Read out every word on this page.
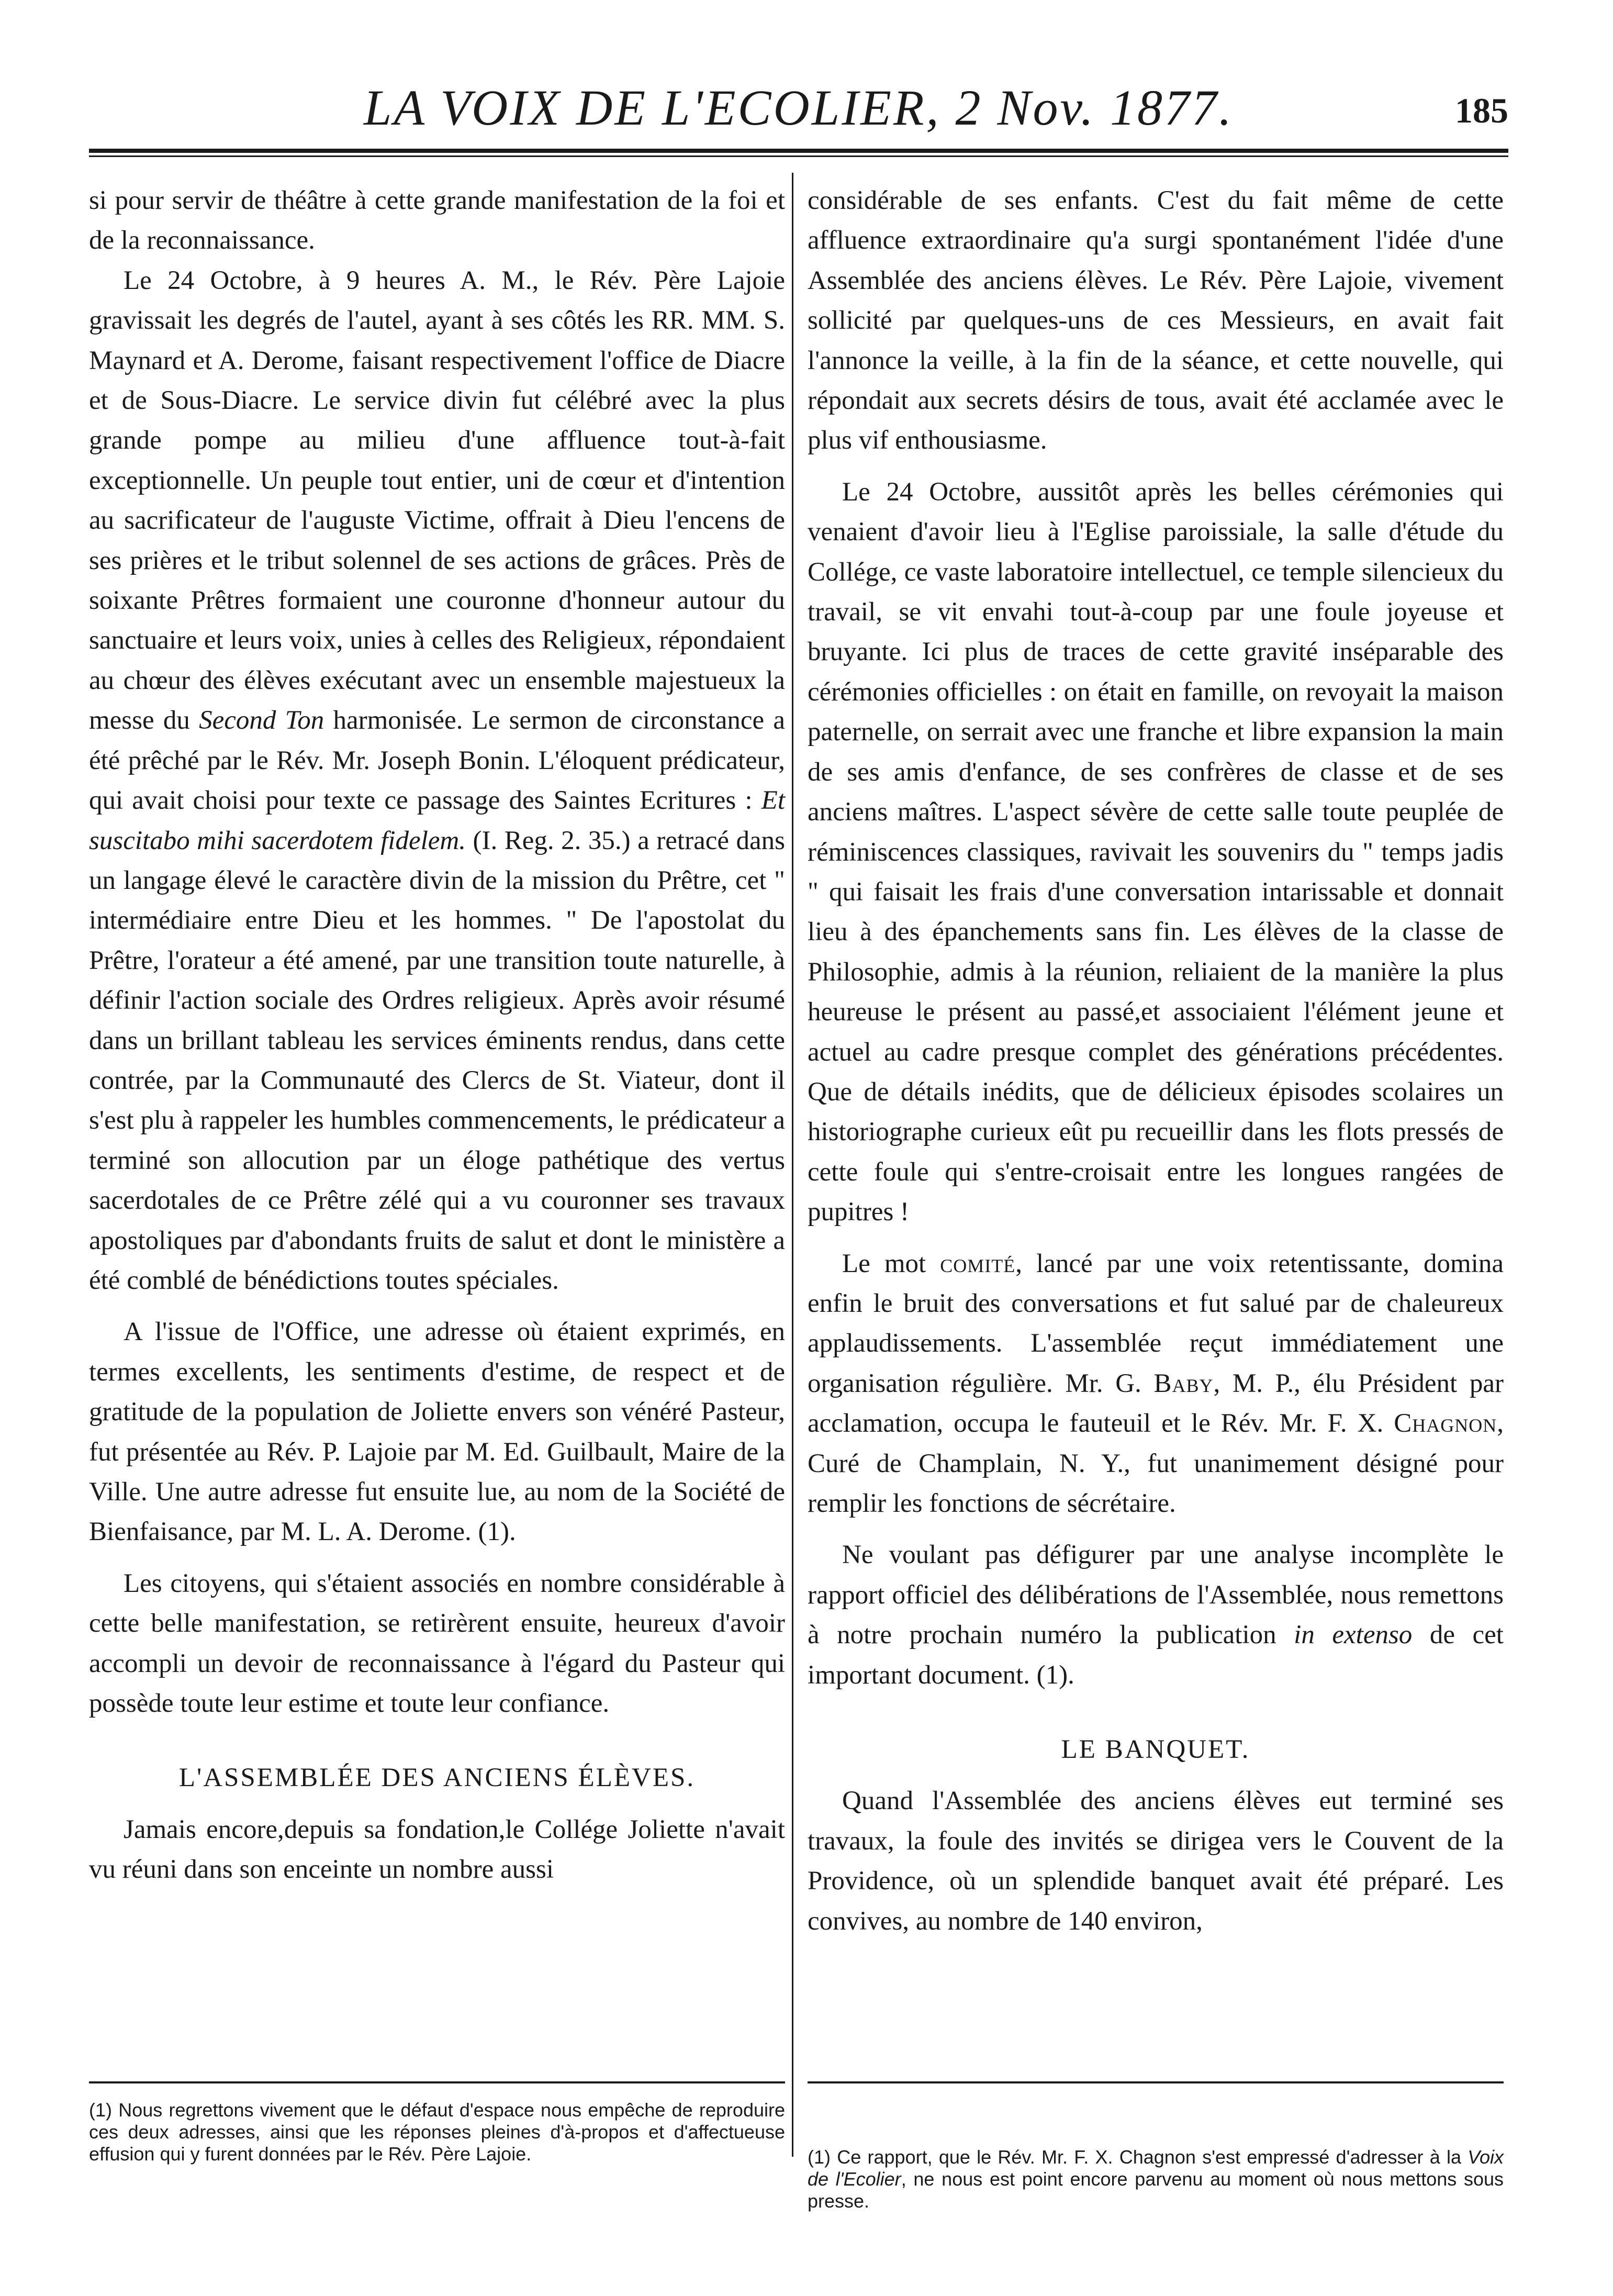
LA VOIX DE L'ECOLIER, 2 Nov. 1877.	185

si pour servir de théâtre à cette grande manifestation de la foi et de la reconnaissance.

Le 24 Octobre, à 9 heures A. M., le Rév. Père Lajoie gravissait les degrés de l'autel, ayant à ses côtés les RR. MM. S. Maynard et A. Derome, faisant respectivement l'office de Diacre et de Sous-Diacre. Le service divin fut célébré avec la plus grande pompe au milieu d'une affluence tout-à-fait exceptionnelle. Un peuple tout entier, uni de cœur et d'intention au sacrificateur de l'auguste Victime, offrait à Dieu l'encens de ses prières et le tribut solennel de ses actions de grâces. Près de soixante Prêtres formaient une couronne d'honneur autour du sanctuaire et leurs voix, unies à celles des Religieux, répondaient au chœur des élèves exécutant avec un ensemble majestueux la messe du Second Ton harmonisée. Le sermon de circonstance a été prêché par le Rév. Mr. Joseph Bonin. L'éloquent prédicateur, qui avait choisi pour texte ce passage des Saintes Ecritures : Et suscitabo mihi sacerdotem fidelem. (I. Reg. 2. 35.) a retracé dans un langage élevé le caractère divin de la mission du Prêtre, cet " intermédiaire entre Dieu et les hommes. " De l'apostolat du Prêtre, l'orateur a été amené, par une transition toute naturelle, à définir l'action sociale des Ordres religieux. Après avoir résumé dans un brillant tableau les services éminents rendus, dans cette contrée, par la Communauté des Clercs de St. Viateur, dont il s'est plu à rappeler les humbles commencements, le prédicateur a terminé son allocution par un éloge pathétique des vertus sacerdotales de ce Prêtre zélé qui a vu couronner ses travaux apostoliques par d'abondants fruits de salut et dont le ministère a été comblé de bénédictions toutes spéciales.

A l'issue de l'Office, une adresse où étaient exprimés, en termes excellents, les sentiments d'estime, de respect et de gratitude de la population de Joliette envers son vénéré Pasteur, fut présentée au Rév. P. Lajoie par M. Ed. Guilbault, Maire de la Ville. Une autre adresse fut ensuite lue, au nom de la Société de Bienfaisance, par M. L. A. Derome. (1).

Les citoyens, qui s'étaient associés en nombre considérable à cette belle manifestation, se retirèrent ensuite, heureux d'avoir accompli un devoir de reconnaissance à l'égard du Pasteur qui possède toute leur estime et toute leur confiance.

L'ASSEMBLÉE DES ANCIENS ÉLÈVES.

Jamais encore,depuis sa fondation,le Collége Joliette n'avait vu réuni dans son enceinte un nombre aussi

considérable de ses enfants. C'est du fait même de cette affluence extraordinaire qu'a surgi spontanément l'idée d'une Assemblée des anciens élèves. Le Rév. Père Lajoie, vivement sollicité par quelques-uns de ces Messieurs, en avait fait l'annonce la veille, à la fin de la séance, et cette nouvelle, qui répondait aux secrets désirs de tous, avait été acclamée avec le plus vif enthousiasme.

Le 24 Octobre, aussitôt après les belles cérémonies qui venaient d'avoir lieu à l'Eglise paroissiale, la salle d'étude du Collége, ce vaste laboratoire intellectuel, ce temple silencieux du travail, se vit envahi tout-à-coup par une foule joyeuse et bruyante. Ici plus de traces de cette gravité inséparable des cérémonies officielles : on était en famille, on revoyait la maison paternelle, on serrait avec une franche et libre expansion la main de ses amis d'enfance, de ses confrères de classe et de ses anciens maîtres. L'aspect sévère de cette salle toute peuplée de réminiscences classiques, ravivait les souvenirs du " temps jadis " qui faisait les frais d'une conversation intarissable et donnait lieu à des épanchements sans fin. Les élèves de la classe de Philosophie, admis à la réunion, reliaient de la manière la plus heureuse le présent au passé,et associaient l'élément jeune et actuel au cadre presque complet des générations précédentes. Que de détails inédits, que de délicieux épisodes scolaires un historiographe curieux eût pu recueillir dans les flots pressés de cette foule qui s'entre-croisait entre les longues rangées de pupitres !

Le mot comité, lancé par une voix retentissante, domina enfin le bruit des conversations et fut salué par de chaleureux applaudissements. L'assemblée reçut immédiatement une organisation régulière. Mr. G. Baby, M. P., élu Président par acclamation, occupa le fauteuil et le Rév. Mr. F. X. Chagnon, Curé de Champlain, N. Y., fut unanimement désigné pour remplir les fonctions de sécrétaire.

Ne voulant pas défigurer par une analyse incomplète le rapport officiel des délibérations de l'Assemblée, nous remettons à notre prochain numéro la publication in extenso de cet important document. (1).

LE BANQUET.

Quand l'Assemblée des anciens élèves eut terminé ses travaux, la foule des invités se dirigea vers le Couvent de la Providence, où un splendide banquet avait été préparé. Les convives, au nombre de 140 environ,

(1) Nous regrettons vivement que le défaut d'espace nous empêche de reproduire ces deux adresses, ainsi que les réponses pleines d'à-propos et d'affectueuse effusion qui y furent données par le Rév. Père Lajoie.	(1) Ce rapport, que le Rév. Mr. F. X. Chagnon s'est empressé d'adresser à la Voix de l'Ecolier, ne nous est point encore parvenu au moment où nous mettons sous presse.
